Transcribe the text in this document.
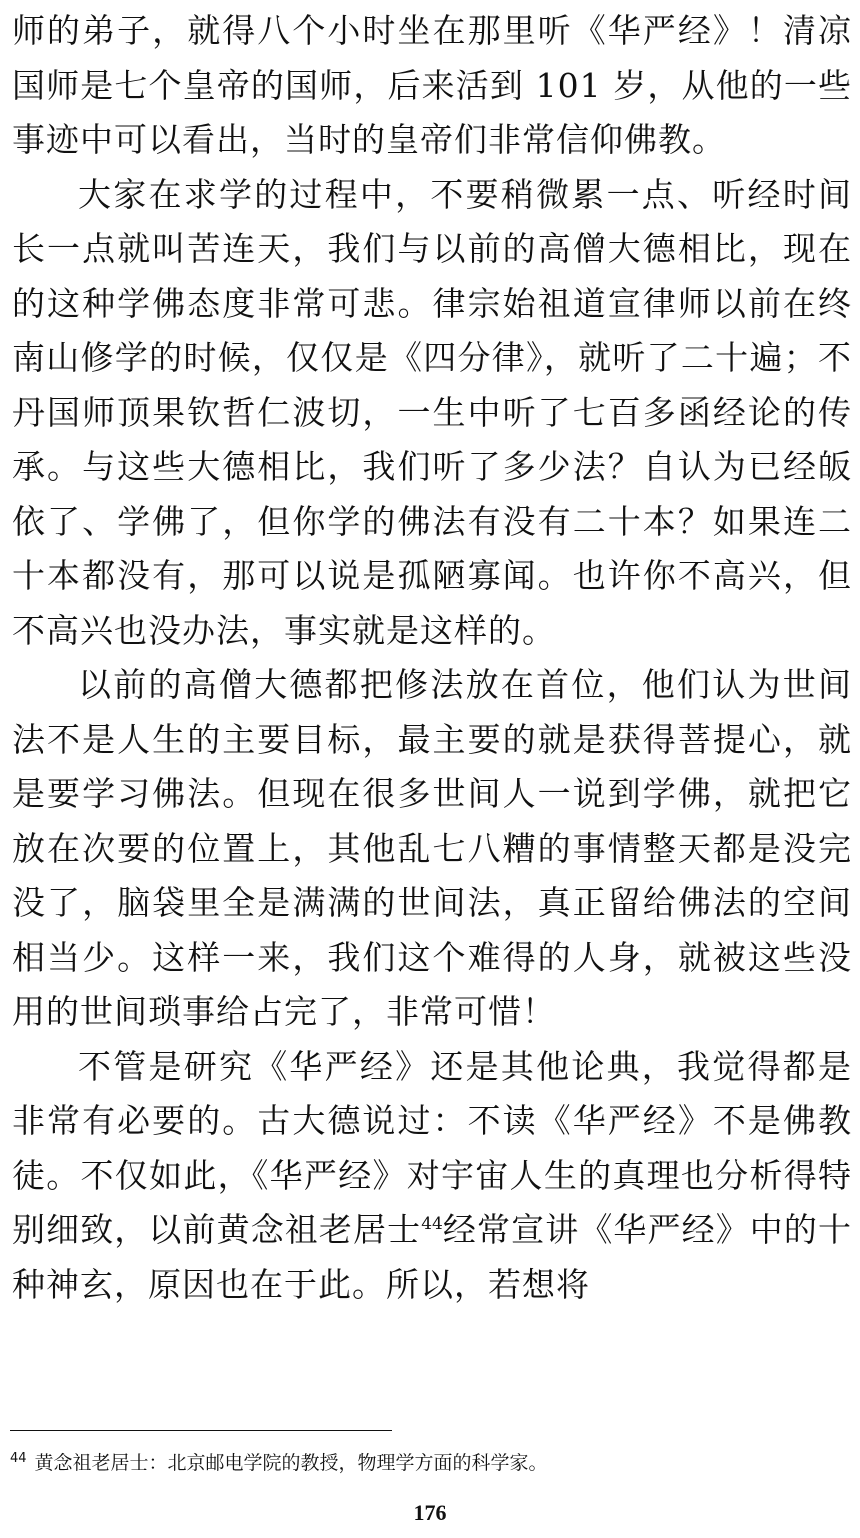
师的弟子，就得八个小时坐在那里听《华严经》！清凉国师是七个皇帝的国师，后来活到 101 岁，从他的一些事迹中可以看出，当时的皇帝们非常信仰佛教。

大家在求学的过程中，不要稍微累一点、听经时间长一点就叫苦连天，我们与以前的高僧大德相比，现在的这种学佛态度非常可悲。律宗始祖道宣律师以前在终南山修学的时候，仅仅是《四分律》，就听了二十遍；不丹国师顶果钦哲仁波切，一生中听了七百多函经论的传承。与这些大德相比，我们听了多少法？自认为已经皈依了、学佛了，但你学的佛法有没有二十本？如果连二十本都没有，那可以说是孤陋寡闻。也许你不高兴，但不高兴也没办法，事实就是这样的。

以前的高僧大德都把修法放在首位，他们认为世间法不是人生的主要目标，最主要的就是获得菩提心，就是要学习佛法。但现在很多世间人一说到学佛，就把它放在次要的位置上，其他乱七八糟的事情整天都是没完没了，脑袋里全是满满的世间法，真正留给佛法的空间相当少。这样一来，我们这个难得的人身，就被这些没用的世间琐事给占完了，非常可惜！

不管是研究《华严经》还是其他论典，我觉得都是非常有必要的。古大德说过：不读《华严经》不是佛教徒。不仅如此，《华严经》对宇宙人生的真理也分析得特别细致，以前黄念祖老居士$^{44}$经常宣讲《华严经》中的十种神玄，原因也在于此。所以，若想将

$^{44}$ 黄念祖老居士：北京邮电学院的教授，物理学方面的科学家。
176
